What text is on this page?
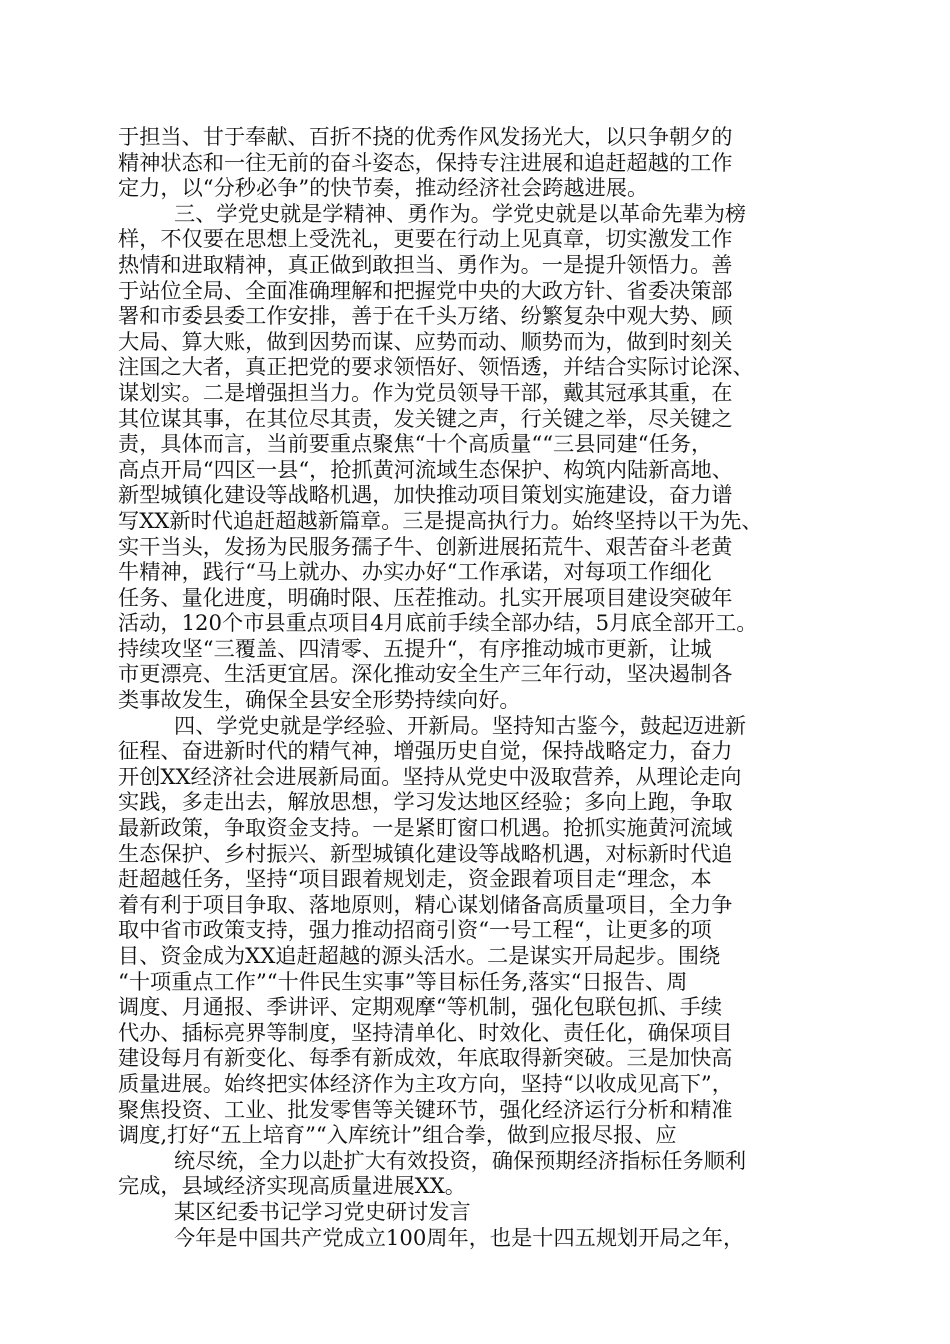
于担当、甘于奉献、百折不挠的优秀作风发扬光大，以只争朝夕的
精神状态和一往无前的奋斗姿态，保持专注进展和追赶超越的工作
定力，以“分秒必争”的快节奏，推动经济社会跨越进展。
三、学党史就是学精神、勇作为。学党史就是以革命先辈为榜
样，不仅要在思想上受洗礼，更要在行动上见真章，切实激发工作
热情和进取精神，真正做到敢担当、勇作为。一是提升领悟力。善
于站位全局、全面准确理解和把握党中央的大政方针、省委决策部
署和市委县委工作安排，善于在千头万绪、纷繁复杂中观大势、顾
大局、算大账，做到因势而谋、应势而动、顺势而为，做到时刻关
注国之大者，真正把党的要求领悟好、领悟透，并结合实际讨论深、
谋划实。二是增强担当力。作为党员领导干部，戴其冠承其重，在
其位谋其事，在其位尽其责，发关键之声，行关键之举，尽关键之
责，具体而言，当前要重点聚焦“十个高质量““三县同建“任务，
高点开局“四区一县“，抢抓黄河流域生态保护、构筑内陆新高地、
新型城镇化建设等战略机遇，加快推动项目策划实施建设，奋力谱
写XX新时代追赶超越新篇章。三是提高执行力。始终坚持以干为先、
实干当头，发扬为民服务孺子牛、创新进展拓荒牛、艰苦奋斗老黄
牛精神，践行“马上就办、办实办好“工作承诺，对每项工作细化
任务、量化进度，明确时限、压茬推动。扎实开展项目建设突破年
活动，120个市县重点项目4月底前手续全部办结，5月底全部开工。
持续攻坚“三覆盖、四清零、五提升“，有序推动城市更新，让城
市更漂亮、生活更宜居。深化推动安全生产三年行动，坚决遏制各
类事故发生，确保全县安全形势持续向好。
四、学党史就是学经验、开新局。坚持知古鉴今，鼓起迈进新
征程、奋进新时代的精气神，增强历史自觉，保持战略定力，奋力
开创XX经济社会进展新局面。坚持从党史中汲取营养，从理论走向
实践，多走出去，解放思想，学习发达地区经验；多向上跑，争取
最新政策，争取资金支持。一是紧盯窗口机遇。抢抓实施黄河流域
生态保护、乡村振兴、新型城镇化建设等战略机遇，对标新时代追
赶超越任务，坚持“项目跟着规划走，资金跟着项目走“理念，本
着有利于项目争取、落地原则，精心谋划储备高质量项目，全力争
取中省市政策支持，强力推动招商引资“一号工程“，让更多的项
目、资金成为XX追赶超越的源头活水。二是谋实开局起步。围绕
“十项重点工作”“十件民生实事”等目标任务,落实“日报告、周
调度、月通报、季讲评、定期观摩“等机制，强化包联包抓、手续
代办、插标亮界等制度，坚持清单化、时效化、责任化，确保项目
建设每月有新变化、每季有新成效，年底取得新突破。三是加快高
质量进展。始终把实体经济作为主攻方向，坚持“以收成见高下”，
聚焦投资、工业、批发零售等关键环节，强化经济运行分析和精准
调度,打好“五上培育”“入库统计”组合拳，做到应报尽报、应
统尽统，全力以赴扩大有效投资，确保预期经济指标任务顺利
完成，县域经济实现高质量进展XX。
某区纪委书记学习党史研讨发言
今年是中国共产党成立100周年，也是十四五规划开局之年，
